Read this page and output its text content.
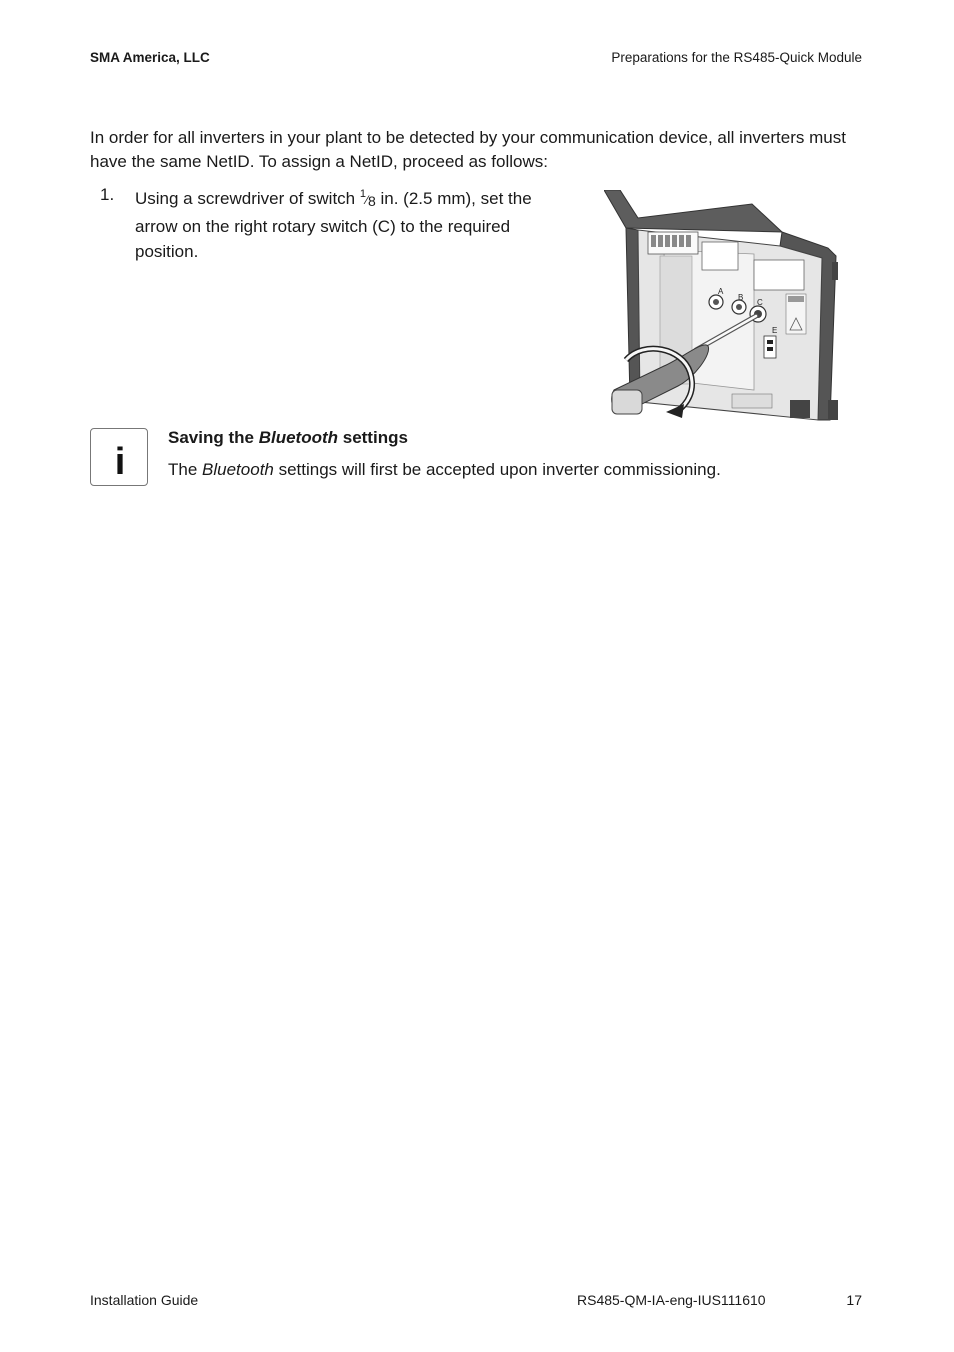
SMA America, LLC	Preparations for the RS485-Quick Module

In order for all inverters in your plant to be detected by your communication device, all inverters must have the same NetID. To assign a NetID, proceed as follows:

1. Using a screwdriver of switch $^1⁄_8$ in. (2.5 mm), set the arrow on the right rotary switch (C) to the required position.
A
B
C
E
i
Saving the Bluetooth settings
The Bluetooth settings will first be accepted upon inverter commissioning.
Installation Guide	RS485-QM-IA-eng-IUS111610	17
